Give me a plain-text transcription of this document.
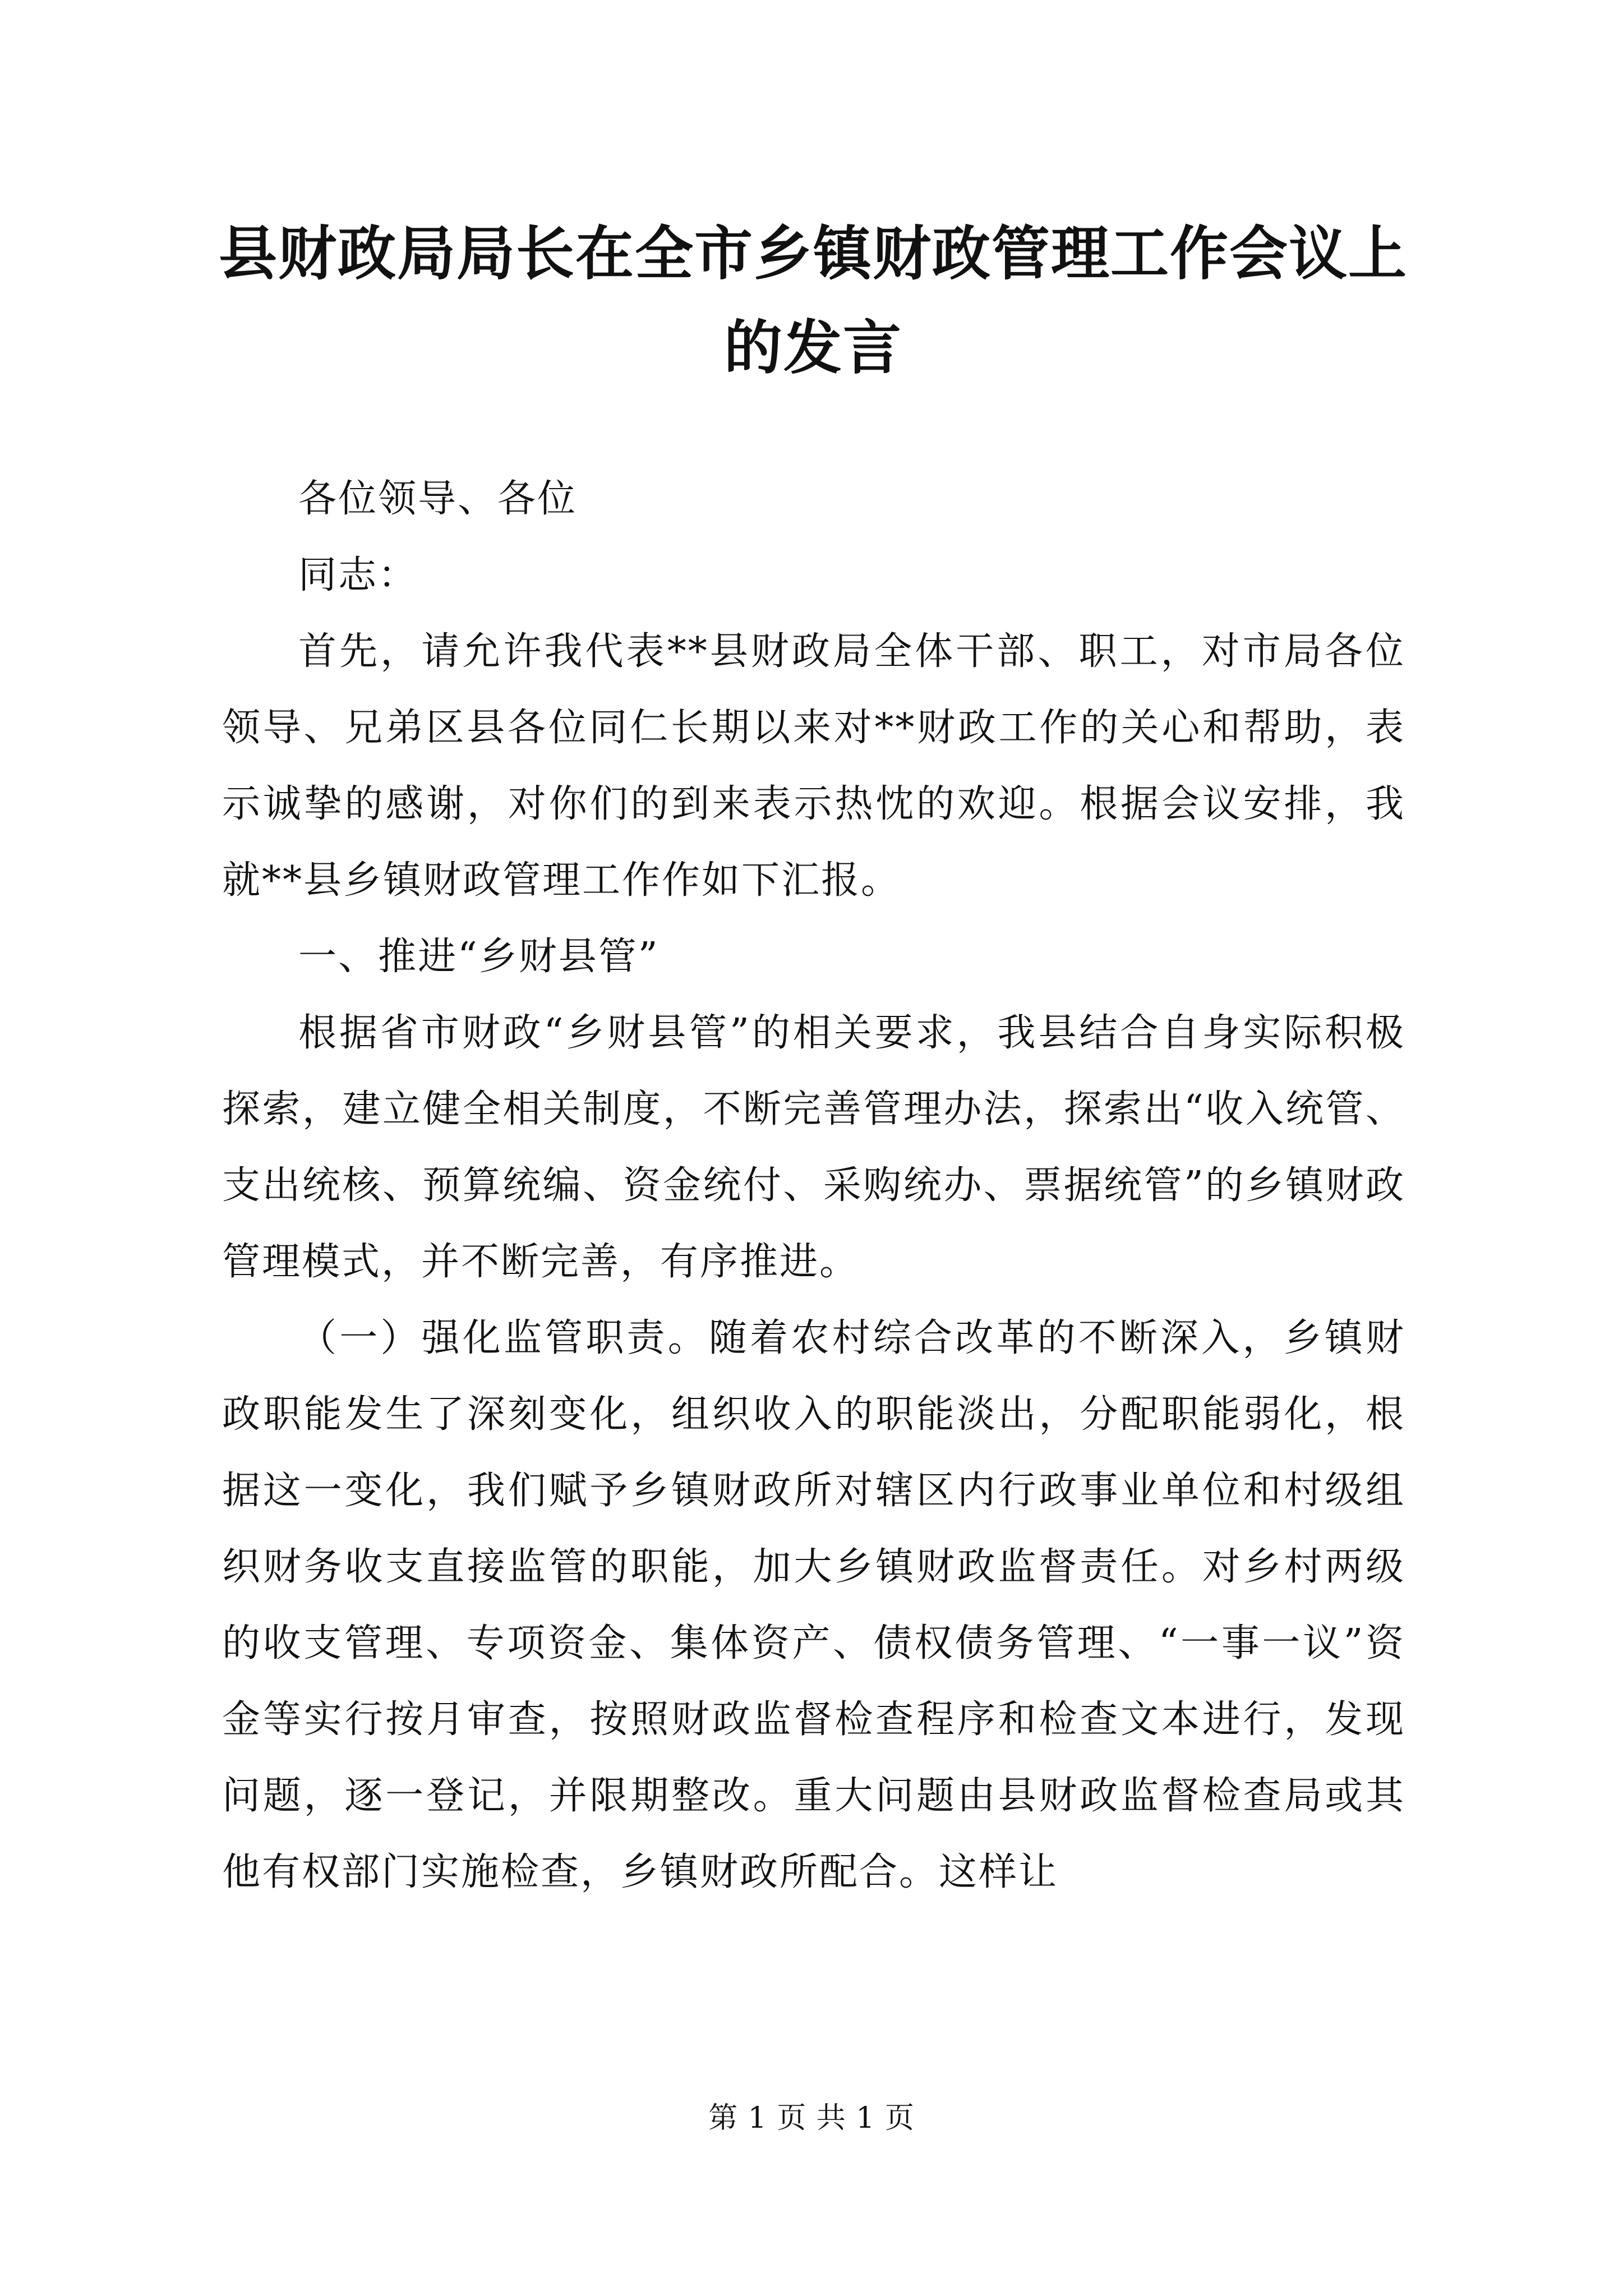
县财政局局长在全市乡镇财政管理工作会议上的发言

各位领导、各位

同志：

首先，请允许我代表**县财政局全体干部、职工，对市局各位领导、兄弟区县各位同仁长期以来对**财政工作的关心和帮助，表示诚挚的感谢，对你们的到来表示热忱的欢迎。根据会议安排，我就**县乡镇财政管理工作作如下汇报。

一、推进“乡财县管”

根据省市财政“乡财县管”的相关要求，我县结合自身实际积极探索，建立健全相关制度，不断完善管理办法，探索出“收入统管、支出统核、预算统编、资金统付、采购统办、票据统管”的乡镇财政管理模式，并不断完善，有序推进。

（一）强化监管职责。随着农村综合改革的不断深入，乡镇财政职能发生了深刻变化，组织收入的职能淡出，分配职能弱化，根据这一变化，我们赋予乡镇财政所对辖区内行政事业单位和村级组织财务收支直接监管的职能，加大乡镇财政监督责任。对乡村两级的收支管理、专项资金、集体资产、债权债务管理、“一事一议”资金等实行按月审查，按照财政监督检查程序和检查文本进行，发现问题，逐一登记，并限期整改。重大问题由县财政监督检查局或其他有权部门实施检查，乡镇财政所配合。这样让

第 1 页 共 1 页
